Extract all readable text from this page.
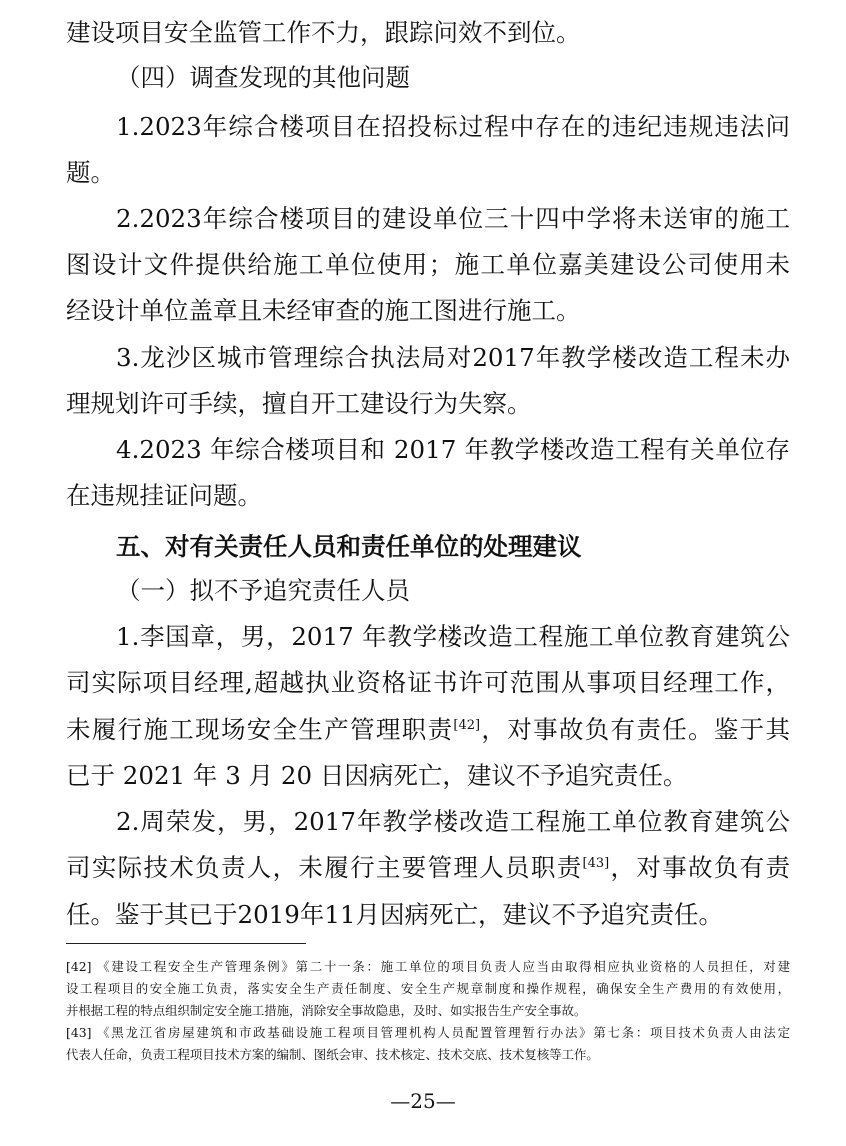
建设项目安全监管工作不力，跟踪问效不到位。
（四）调查发现的其他问题
1.2023年综合楼项目在招投标过程中存在的违纪违规违法问
题。
2.2023年综合楼项目的建设单位三十四中学将未送审的施工
图设计文件提供给施工单位使用；施工单位嘉美建设公司使用未
经设计单位盖章且未经审查的施工图进行施工。
3.龙沙区城市管理综合执法局对2017年教学楼改造工程未办
理规划许可手续，擅自开工建设行为失察。
4.2023 年综合楼项目和 2017 年教学楼改造工程有关单位存
在违规挂证问题。
五、对有关责任人员和责任单位的处理建议
（一）拟不予追究责任人员
1.李国章，男，2017 年教学楼改造工程施工单位教育建筑公
司实际项目经理,超越执业资格证书许可范围从事项目经理工作，
未履行施工现场安全生产管理职责[42]，对事故负有责任。鉴于其
已于 2021 年 3 月 20 日因病死亡，建议不予追究责任。
2.周荣发，男，2017年教学楼改造工程施工单位教育建筑公
司实际技术负责人，未履行主要管理人员职责[43]，对事故负有责
任。鉴于其已于2019年11月因病死亡，建议不予追究责任。
[42] 《建设工程安全生产管理条例》第二十一条：施工单位的项目负责人应当由取得相应执业资格的人员担任，对建
设工程项目的安全施工负责，落实安全生产责任制度、安全生产规章制度和操作规程，确保安全生产费用的有效使用，
并根据工程的特点组织制定安全施工措施，消除安全事故隐患，及时、如实报告生产安全事故。
[43] 《黑龙江省房屋建筑和市政基础设施工程项目管理机构人员配置管理暂行办法》第七条：项目技术负责人由法定
代表人任命，负责工程项目技术方案的编制、图纸会审、技术核定、技术交底、技术复核等工作。
—25—
